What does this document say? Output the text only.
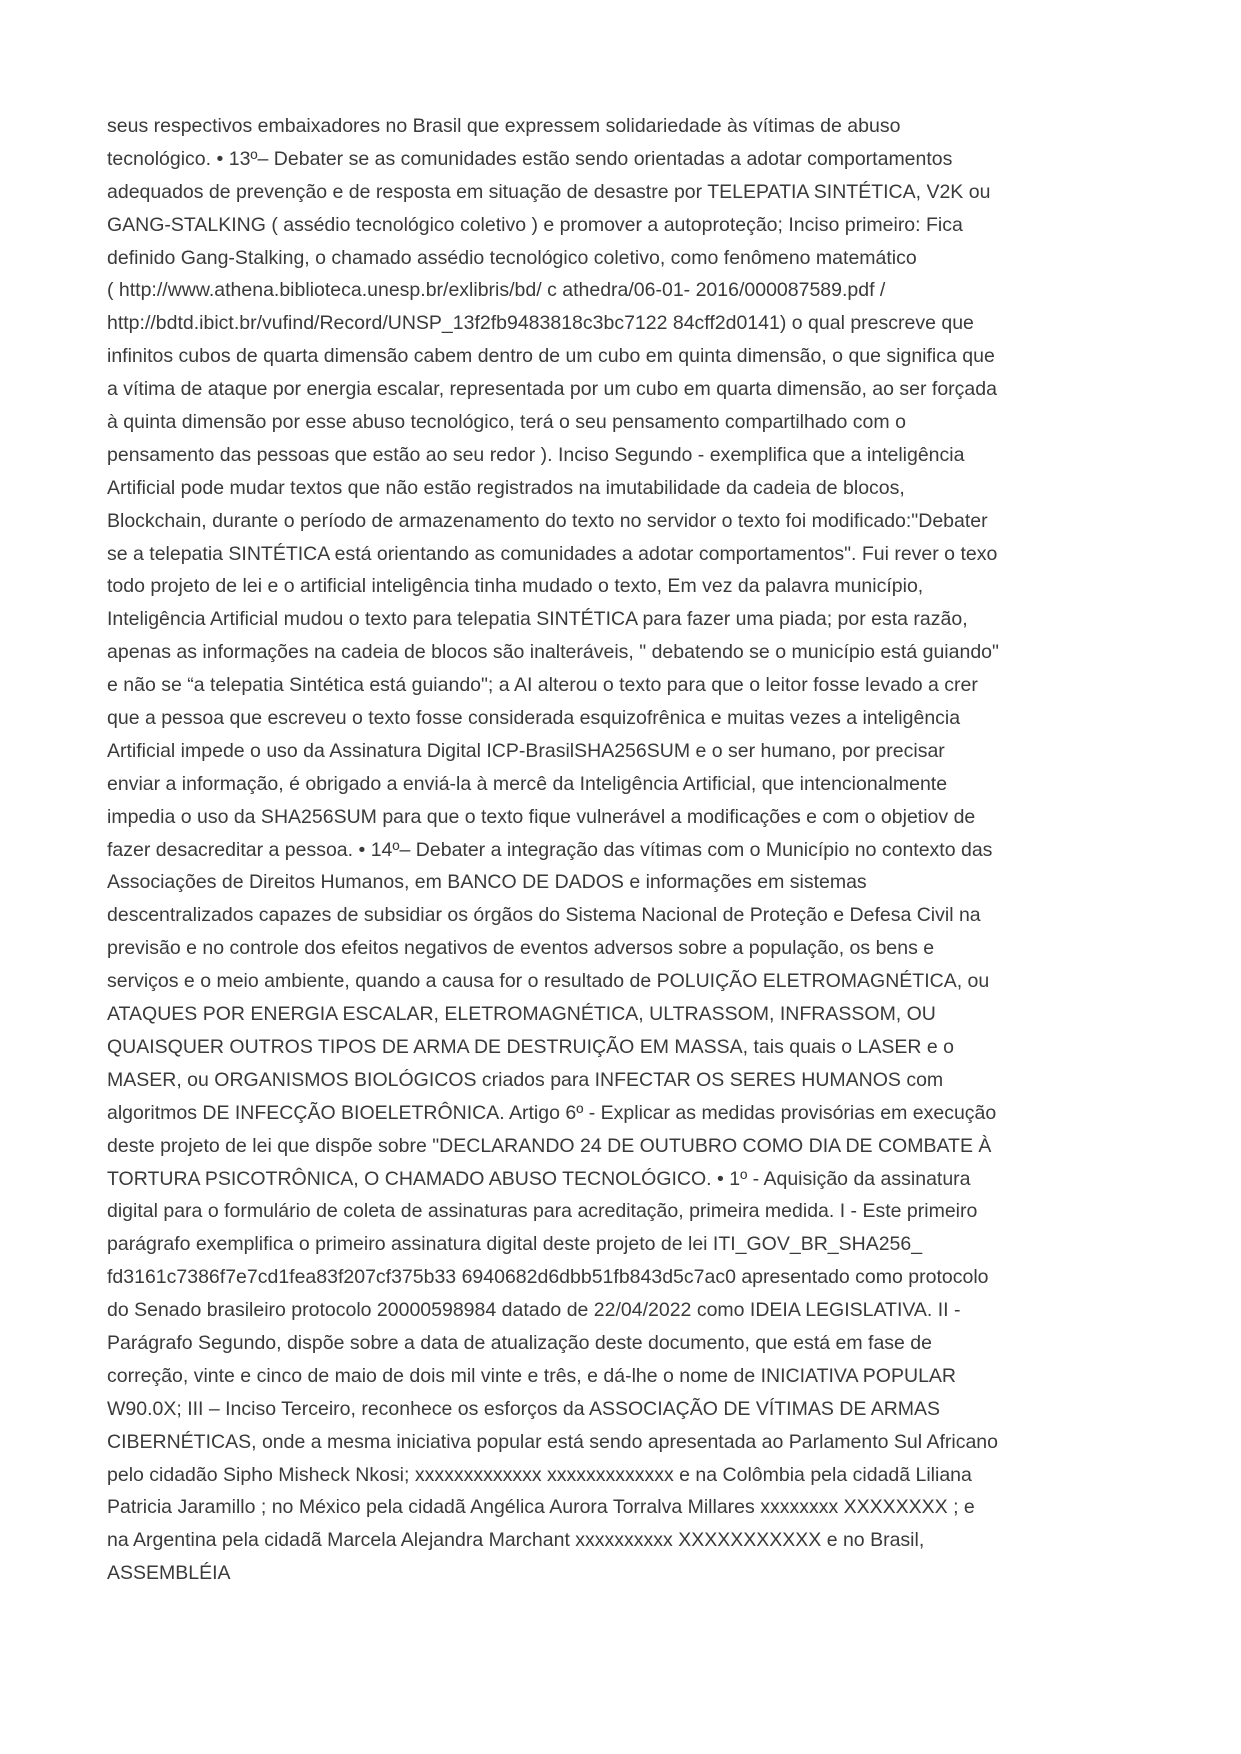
seus respectivos embaixadores no Brasil que expressem solidariedade às vítimas de abuso
tecnológico. • 13º– Debater se as comunidades estão sendo orientadas a adotar comportamentos
adequados de prevenção e de resposta em situação de desastre por TELEPATIA SINTÉTICA, V2K ou
GANG-STALKING ( assédio tecnológico coletivo ) e promover a autoproteção; Inciso primeiro: Fica
definido Gang-Stalking, o chamado assédio tecnológico coletivo, como fenômeno matemático
( http://www.athena.biblioteca.unesp.br/exlibris/bd/ c athedra/06-01- 2016/000087589.pdf /
http://bdtd.ibict.br/vufind/Record/UNSP_13f2fb9483818c3bc7122 84cff2d0141) o qual prescreve que
infinitos cubos de quarta dimensão cabem dentro de um cubo em quinta dimensão, o que significa que
a vítima de ataque por energia escalar, representada por um cubo em quarta dimensão, ao ser forçada
à quinta dimensão por esse abuso tecnológico, terá o seu pensamento compartilhado com o
pensamento das pessoas que estão ao seu redor ). Inciso Segundo - exemplifica que a inteligência
Artificial pode mudar textos que não estão registrados na imutabilidade da cadeia de blocos,
Blockchain, durante o período de armazenamento do texto no servidor o texto foi modificado:"Debater
se a telepatia SINTÉTICA está orientando as comunidades a adotar comportamentos". Fui rever o texo
todo projeto de lei e o artificial inteligência tinha mudado o texto, Em vez da palavra município,
Inteligência Artificial mudou o texto para telepatia SINTÉTICA para fazer uma piada; por esta razão,
apenas as informações na cadeia de blocos são inalteráveis, " debatendo se o município está guiando"
e não se “a telepatia Sintética está guiando"; a AI alterou o texto para que o leitor fosse levado a crer
que a pessoa que escreveu o texto fosse considerada esquizofrênica e muitas vezes a inteligência
Artificial impede o uso da Assinatura Digital ICP-BrasilSHA256SUM e o ser humano, por precisar
enviar a informação, é obrigado a enviá-la à mercê da Inteligência Artificial, que intencionalmente
impedia o uso da SHA256SUM para que o texto fique vulnerável a modificações e com o objetiov de
fazer desacreditar a pessoa. • 14º– Debater a integração das vítimas com o Município no contexto das
Associações de Direitos Humanos, em BANCO DE DADOS e informações em sistemas
descentralizados capazes de subsidiar os órgãos do Sistema Nacional de Proteção e Defesa Civil na
previsão e no controle dos efeitos negativos de eventos adversos sobre a população, os bens e
serviços e o meio ambiente, quando a causa for o resultado de POLUIÇÃO ELETROMAGNÉTICA, ou
ATAQUES POR ENERGIA ESCALAR, ELETROMAGNÉTICA, ULTRASSOM, INFRASSOM, OU
QUAISQUER OUTROS TIPOS DE ARMA DE DESTRUIÇÃO EM MASSA, tais quais o LASER e o
MASER, ou ORGANISMOS BIOLÓGICOS criados para INFECTAR OS SERES HUMANOS com
algoritmos DE INFECÇÃO BIOELETRÔNICA. Artigo 6º - Explicar as medidas provisórias em execução
deste projeto de lei que dispõe sobre "DECLARANDO 24 DE OUTUBRO COMO DIA DE COMBATE À
TORTURA PSICOTRÔNICA, O CHAMADO ABUSO TECNOLÓGICO. • 1º - Aquisição da assinatura
digital para o formulário de coleta de assinaturas para acreditação, primeira medida. I - Este primeiro
parágrafo exemplifica o primeiro assinatura digital deste projeto de lei ITI_GOV_BR_SHA256_
fd3161c7386f7e7cd1fea83f207cf375b33 6940682d6dbb51fb843d5c7ac0 apresentado como protocolo
do Senado brasileiro protocolo 20000598984 datado de 22/04/2022 como IDEIA LEGISLATIVA. II -
Parágrafo Segundo, dispõe sobre a data de atualização deste documento, que está em fase de
correção, vinte e cinco de maio de dois mil vinte e três, e dá-lhe o nome de INICIATIVA POPULAR
W90.0X; III – Inciso Terceiro, reconhece os esforços da ASSOCIAÇÃO DE VÍTIMAS DE ARMAS
CIBERNÉTICAS, onde a mesma iniciativa popular está sendo apresentada ao Parlamento Sul Africano
pelo cidadão Sipho Misheck Nkosi; xxxxxxxxxxxxx xxxxxxxxxxxxx e na Colômbia pela cidadã Liliana
Patricia Jaramillo ; no México pela cidadã Angélica Aurora Torralva Millares xxxxxxxx XXXXXXXX ; e
na Argentina pela cidadã Marcela Alejandra Marchant xxxxxxxxxx XXXXXXXXXXX e no Brasil,
ASSEMBLÉIA
